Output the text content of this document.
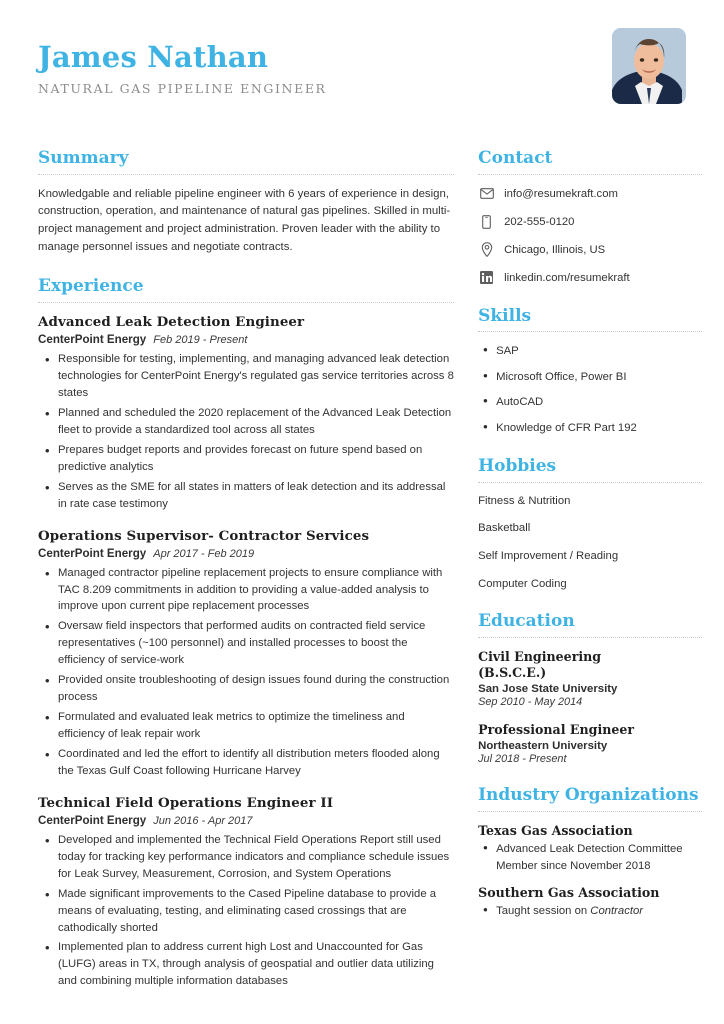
James Nathan
NATURAL GAS PIPELINE ENGINEER
Summary
Knowledgable and reliable pipeline engineer with 6 years of experience in design, construction, operation, and maintenance of natural gas pipelines. Skilled in multi-project management and project administration. Proven leader with the ability to manage personnel issues and negotiate contracts.
Experience
Advanced Leak Detection Engineer
CenterPoint Energy Feb 2019 - Present
• Responsible for testing, implementing, and managing advanced leak detection technologies for CenterPoint Energy's regulated gas service territories across 8 states
• Planned and scheduled the 2020 replacement of the Advanced Leak Detection fleet to provide a standardized tool across all states
• Prepares budget reports and provides forecast on future spend based on predictive analytics
• Serves as the SME for all states in matters of leak detection and its addressal in rate case testimony
Operations Supervisor- Contractor Services
CenterPoint Energy Apr 2017 - Feb 2019
• Managed contractor pipeline replacement projects to ensure compliance with TAC 8.209 commitments in addition to providing a value-added analysis to improve upon current pipe replacement processes
• Oversaw field inspectors that performed audits on contracted field service representatives (~100 personnel) and installed processes to boost the efficiency of service-work
• Provided onsite troubleshooting of design issues found during the construction process
• Formulated and evaluated leak metrics to optimize the timeliness and efficiency of leak repair work
• Coordinated and led the effort to identify all distribution meters flooded along the Texas Gulf Coast following Hurricane Harvey
Technical Field Operations Engineer II
CenterPoint Energy Jun 2016 - Apr 2017
• Developed and implemented the Technical Field Operations Report still used today for tracking key performance indicators and compliance schedule issues for Leak Survey, Measurement, Corrosion, and System Operations
• Made significant improvements to the Cased Pipeline database to provide a means of evaluating, testing, and eliminating cased crossings that are cathodically shorted
• Implemented plan to address current high Lost and Unaccounted for Gas (LUFG) areas in TX, through analysis of geospatial and outlier data utilizing and combining multiple information databases
Contact
info@resumekraft.com
202-555-0120
Chicago, Illinois, US
linkedin.com/resumekraft
Skills
• SAP
• Microsoft Office, Power BI
• AutoCAD
• Knowledge of CFR Part 192
Hobbies
Fitness & Nutrition
Basketball
Self Improvement / Reading
Computer Coding
Education
Civil Engineering (B.S.C.E.)
San Jose State University
Sep 2010 - May 2014
Professional Engineer
Northeastern University
Jul 2018 - Present
Industry Organizations
Texas Gas Association
• Advanced Leak Detection Committee Member since November 2018
Southern Gas Association
• Taught session on Contractor
